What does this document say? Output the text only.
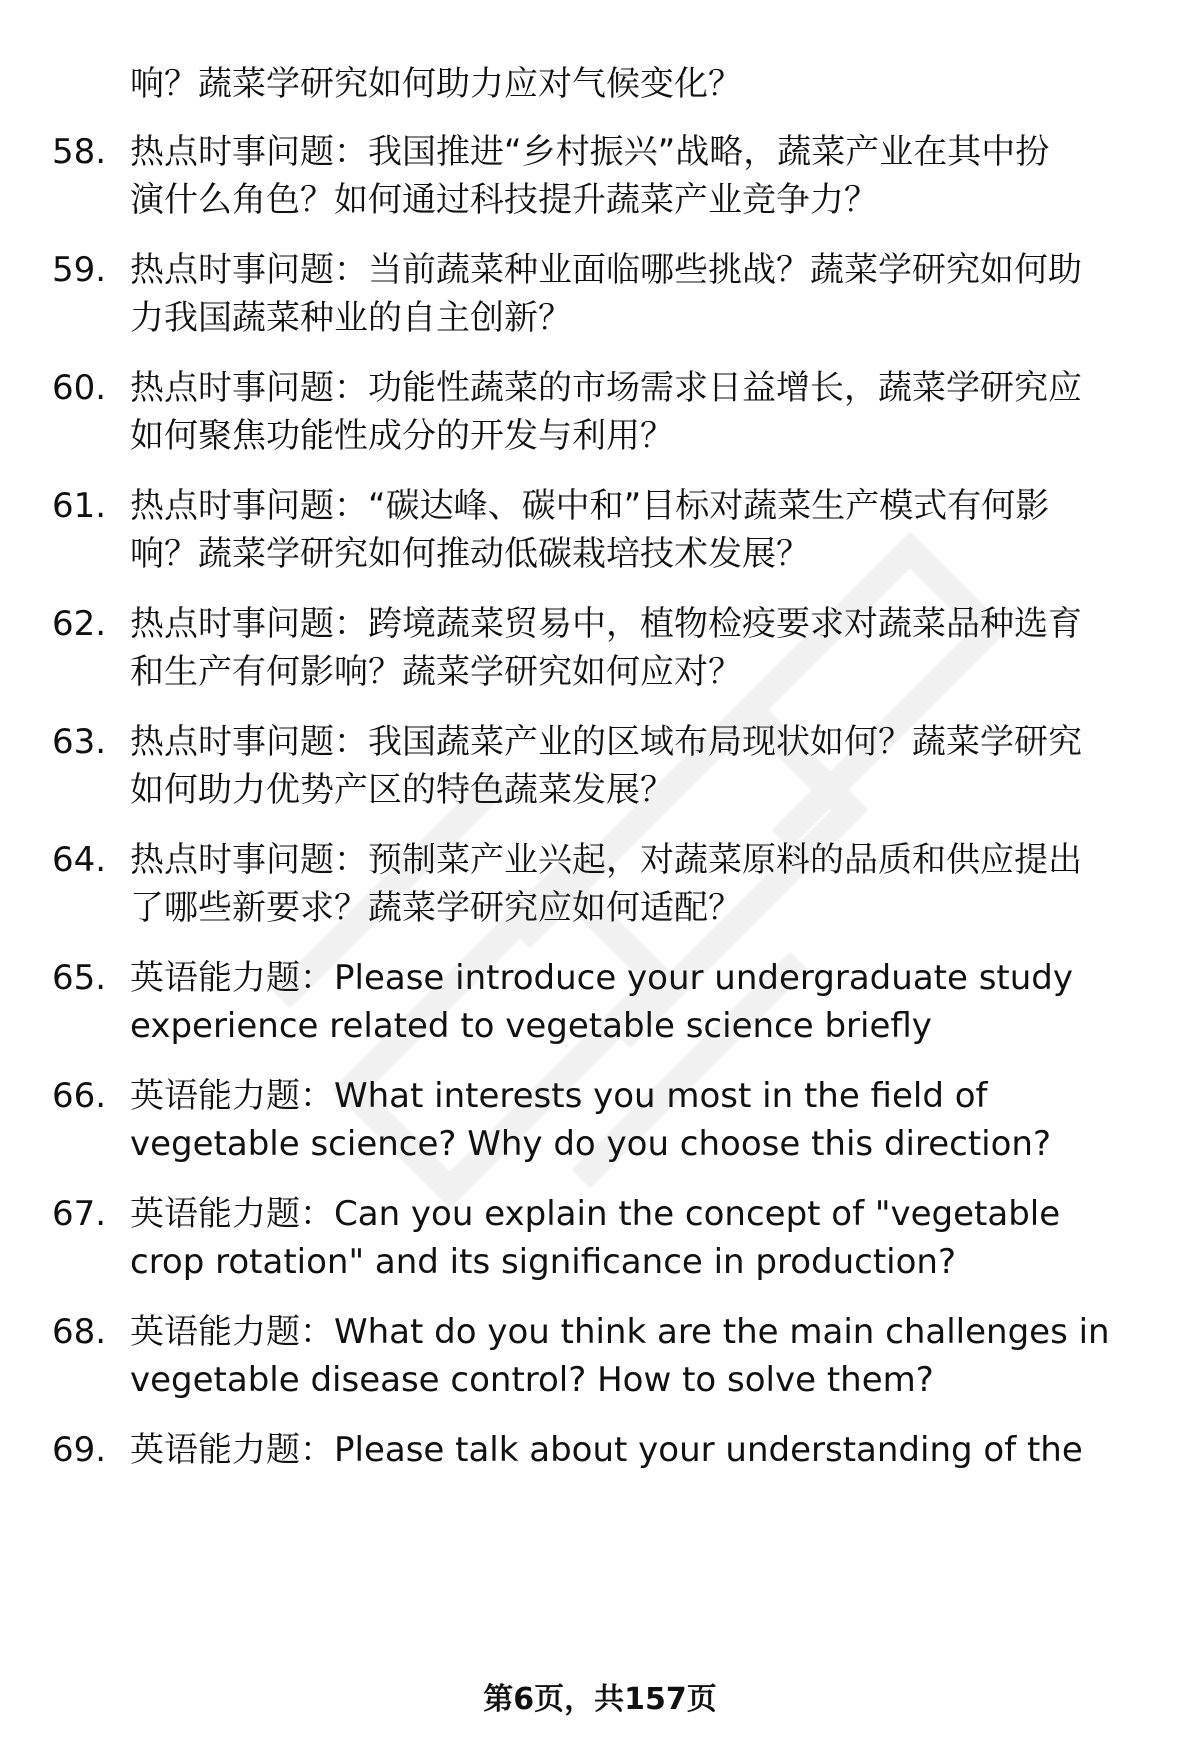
响？蔬菜学研究如何助力应对气候变化？
58. 热点时事问题：我国推进“乡村振兴”战略，蔬菜产业在其中扮
演什么角色？如何通过科技提升蔬菜产业竞争力？
59. 热点时事问题：当前蔬菜种业面临哪些挑战？蔬菜学研究如何助
力我国蔬菜种业的自主创新？
60. 热点时事问题：功能性蔬菜的市场需求日益增长，蔬菜学研究应
如何聚焦功能性成分的开发与利用？
61. 热点时事问题：“碳达峰、碳中和”目标对蔬菜生产模式有何影
响？蔬菜学研究如何推动低碳栽培技术发展？
62. 热点时事问题：跨境蔬菜贸易中，植物检疫要求对蔬菜品种选育
和生产有何影响？蔬菜学研究如何应对？
63. 热点时事问题：我国蔬菜产业的区域布局现状如何？蔬菜学研究
如何助力优势产区的特色蔬菜发展？
64. 热点时事问题：预制菜产业兴起，对蔬菜原料的品质和供应提出
了哪些新要求？蔬菜学研究应如何适配？
65. 英语能力题：Please introduce your undergraduate study
experience related to vegetable science briefly
66. 英语能力题：What interests you most in the field of
vegetable science? Why do you choose this direction?
67. 英语能力题：Can you explain the concept of "vegetable
crop rotation" and its significance in production?
68. 英语能力题：What do you think are the main challenges in
vegetable disease control? How to solve them?
69. 英语能力题：Please talk about your understanding of the
第6页，共157页
